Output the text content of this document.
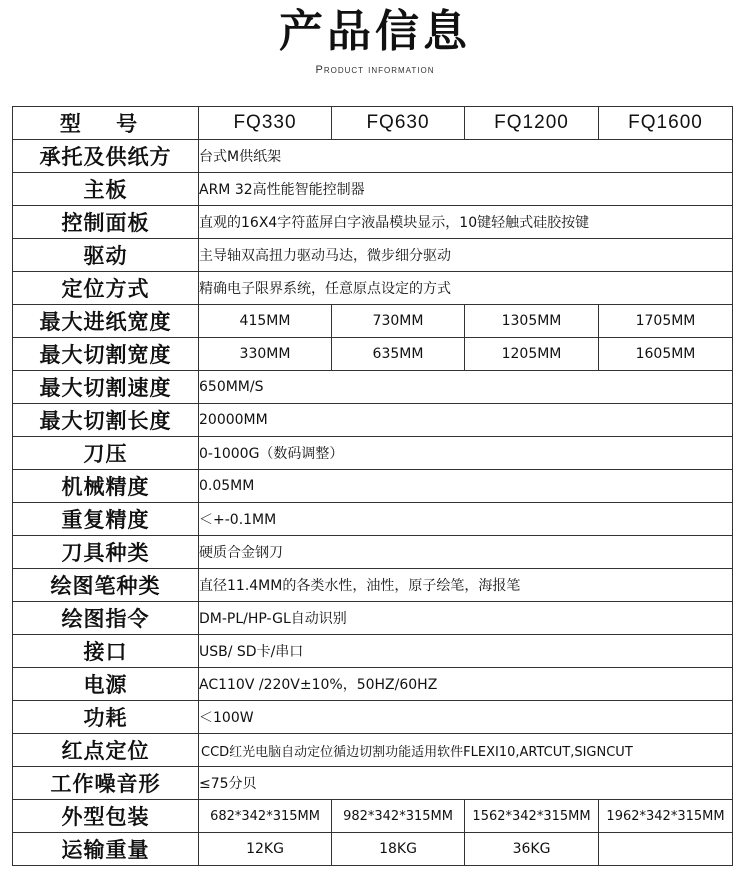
产品信息
Product information
型 号	FQ330	FQ630	FQ1200	FQ1600
承托及供纸方	台式M供纸架			
主板	ARM 32高性能智能控制器			
控制面板	直观的16X4字符蓝屏白字液晶模块显示，10键轻触式硅胶按键			
驱动	主导轴双高扭力驱动马达，微步细分驱动			
定位方式	精确电子限界系统，任意原点设定的方式			
最大进纸宽度	415MM	730MM	1305MM	1705MM
最大切割宽度	330MM	635MM	1205MM	1605MM
最大切割速度	650MM/S			
最大切割长度	20000MM			
刀压	0-1000G（数码调整）			
机械精度	0.05MM			
重复精度	＜+-0.1MM			
刀具种类	硬质合金钢刀			
绘图笔种类	直径11.4MM的各类水性，油性，原子绘笔，海报笔			
绘图指令	DM-PL/HP-GL自动识别			
接口	USB/ SD卡/串口			
电源	AC110V /220V±10%，50HZ/60HZ			
功耗	＜100W			
红点定位	CCD红光电脑自动定位循边切割功能适用软件FLEXI10,ARTCUT,SIGNCUT			
工作噪音形	≤75分贝			
外型包装	682*342*315MM	982*342*315MM	1562*342*315MM	1962*342*315MM
运输重量	12KG	18KG	36KG	
